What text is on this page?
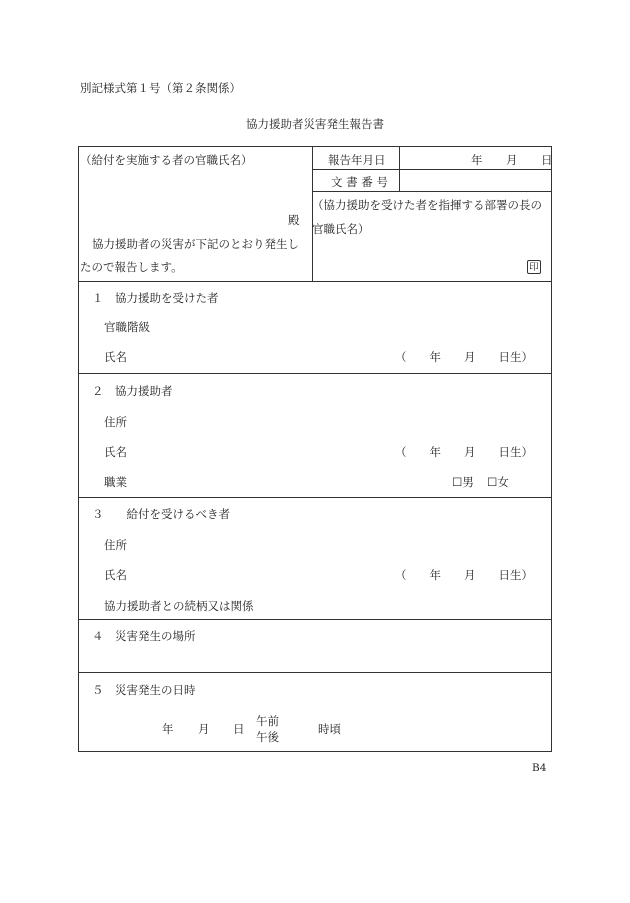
別記様式第１号（第２条関係）
協力援助者災害発生報告書
（給付を実施する者の官職氏名）
殿
協力援助者の災害が下記のとおり発生し
たので報告します。
報告年月日	年 月 日
文 書 番 号
（協力援助を受けた者を指揮する部署の長の
官職氏名）
印
１　協力援助を受けた者
官職階級
氏名	（　　年　　月　　日生）
２　協力援助者
住所
氏名	（　　年　　月　　日生）
職業 ☐	男 ☐	女
３　　給付を受けるべき者
住所
氏名	（　　年　　月　　日生）
協力援助者との続柄又は関係
４　災害発生の場所
５　災害発生の日時
年 月 日
午前
午後
時頃
B4
